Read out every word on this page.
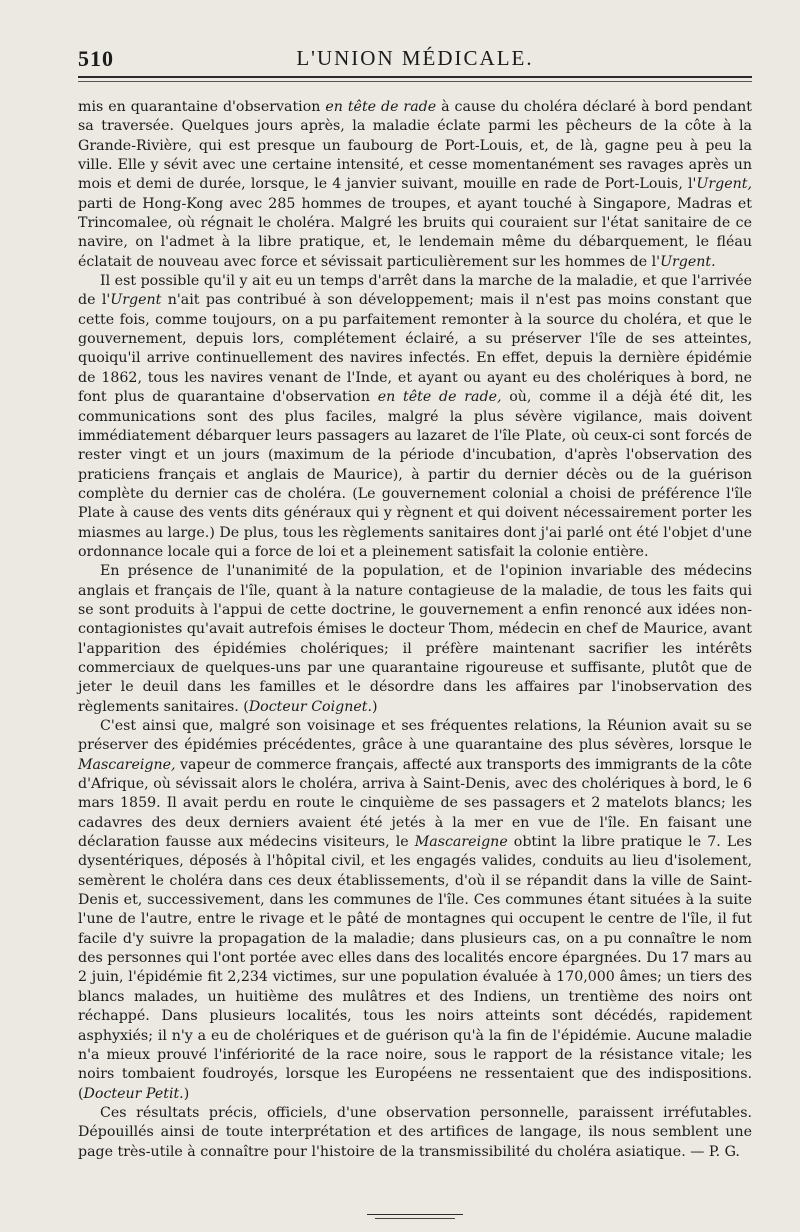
510	L'UNION MÉDICALE.

mis en quarantaine d'observation en tête de rade à cause du choléra déclaré à bord pendant sa traversée. Quelques jours après, la maladie éclate parmi les pêcheurs de la côte à la Grande-Rivière, qui est presque un faubourg de Port-Louis, et, de là, gagne peu à peu la ville. Elle y sévit avec une certaine intensité, et cesse momentanément ses ravages après un mois et demi de durée, lorsque, le 4 janvier suivant, mouille en rade de Port-Louis, l'Urgent, parti de Hong-Kong avec 285 hommes de troupes, et ayant touché à Singapore, Madras et Trincomalee, où régnait le choléra. Malgré les bruits qui couraient sur l'état sanitaire de ce navire, on l'admet à la libre pratique, et, le lendemain même du débarquement, le fléau éclatait de nouveau avec force et sévissait particulièrement sur les hommes de l'Urgent.

Il est possible qu'il y ait eu un temps d'arrêt dans la marche de la maladie, et que l'arrivée de l'Urgent n'ait pas contribué à son développement; mais il n'est pas moins constant que cette fois, comme toujours, on a pu parfaitement remonter à la source du choléra, et que le gouvernement, depuis lors, complétement éclairé, a su préserver l'île de ses atteintes, quoiqu'il arrive continuellement des navires infectés. En effet, depuis la dernière épidémie de 1862, tous les navires venant de l'Inde, et ayant ou ayant eu des cholériques à bord, ne font plus de quarantaine d'observation en tête de rade, où, comme il a déjà été dit, les communications sont des plus faciles, malgré la plus sévère vigilance, mais doivent immédiatement débarquer leurs passagers au lazaret de l'île Plate, où ceux-ci sont forcés de rester vingt et un jours (maximum de la période d'incubation, d'après l'observation des praticiens français et anglais de Maurice), à partir du dernier décès ou de la guérison complète du dernier cas de choléra. (Le gouvernement colonial a choisi de préférence l'île Plate à cause des vents dits généraux qui y règnent et qui doivent nécessairement porter les miasmes au large.) De plus, tous les règlements sanitaires dont j'ai parlé ont été l'objet d'une ordonnance locale qui a force de loi et a pleinement satisfait la colonie entière.

En présence de l'unanimité de la population, et de l'opinion invariable des médecins anglais et français de l'île, quant à la nature contagieuse de la maladie, de tous les faits qui se sont produits à l'appui de cette doctrine, le gouvernement a enfin renoncé aux idées non-contagionistes qu'avait autrefois émises le docteur Thom, médecin en chef de Maurice, avant l'apparition des épidémies cholériques; il préfère maintenant sacrifier les intérêts commerciaux de quelques-uns par une quarantaine rigoureuse et suffisante, plutôt que de jeter le deuil dans les familles et le désordre dans les affaires par l'inobservation des règlements sanitaires. (Docteur Coignet.)

C'est ainsi que, malgré son voisinage et ses fréquentes relations, la Réunion avait su se préserver des épidémies précédentes, grâce à une quarantaine des plus sévères, lorsque le Mascareigne, vapeur de commerce français, affecté aux transports des immigrants de la côte d'Afrique, où sévissait alors le choléra, arriva à Saint-Denis, avec des cholériques à bord, le 6 mars 1859. Il avait perdu en route le cinquième de ses passagers et 2 matelots blancs; les cadavres des deux derniers avaient été jetés à la mer en vue de l'île. En faisant une déclaration fausse aux médecins visiteurs, le Mascareigne obtint la libre pratique le 7. Les dysentériques, déposés à l'hôpital civil, et les engagés valides, conduits au lieu d'isolement, semèrent le choléra dans ces deux établissements, d'où il se répandit dans la ville de Saint-Denis et, successivement, dans les communes de l'île. Ces communes étant situées à la suite l'une de l'autre, entre le rivage et le pâté de montagnes qui occupent le centre de l'île, il fut facile d'y suivre la propagation de la maladie; dans plusieurs cas, on a pu connaître le nom des personnes qui l'ont portée avec elles dans des localités encore épargnées. Du 17 mars au 2 juin, l'épidémie fit 2,234 victimes, sur une population évaluée à 170,000 âmes; un tiers des blancs malades, un huitième des mulâtres et des Indiens, un trentième des noirs ont réchappé. Dans plusieurs localités, tous les noirs atteints sont décédés, rapidement asphyxiés; il n'y a eu de cholériques et de guérison qu'à la fin de l'épidémie. Aucune maladie n'a mieux prouvé l'infériorité de la race noire, sous le rapport de la résistance vitale; les noirs tombaient foudroyés, lorsque les Européens ne ressentaient que des indispositions. (Docteur Petit.)

Ces résultats précis, officiels, d'une observation personnelle, paraissent irréfutables. Dépouillés ainsi de toute interprétation et des artifices de langage, ils nous semblent une page très-utile à connaître pour l'histoire de la transmissibilité du choléra asiatique. — P. G.
